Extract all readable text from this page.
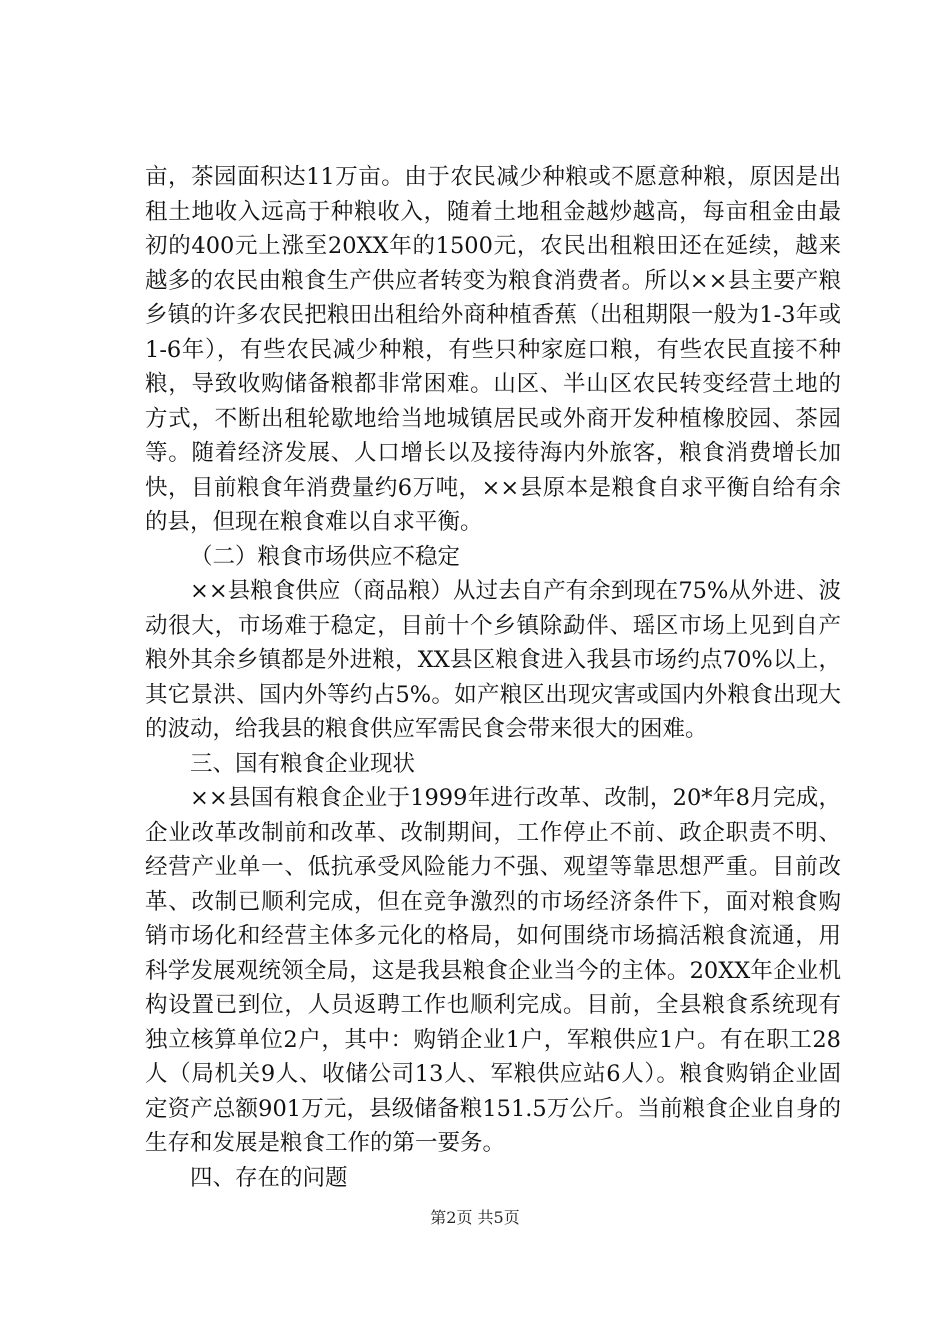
亩，茶园面积达11万亩。由于农民减少种粮或不愿意种粮，原因是出租土地收入远高于种粮收入，随着土地租金越炒越高，每亩租金由最初的400元上涨至20XX年的1500元，农民出租粮田还在延续，越来越多的农民由粮食生产供应者转变为粮食消费者。所以××县主要产粮乡镇的许多农民把粮田出租给外商种植香蕉（出租期限一般为1-3年或1-6年），有些农民减少种粮，有些只种家庭口粮，有些农民直接不种粮，导致收购储备粮都非常困难。山区、半山区农民转变经营土地的方式，不断出租轮歇地给当地城镇居民或外商开发种植橡胶园、茶园等。随着经济发展、人口增长以及接待海内外旅客，粮食消费增长加快，目前粮食年消费量约6万吨，××县原本是粮食自求平衡自给有余的县，但现在粮食难以自求平衡。

（二）粮食市场供应不稳定

××县粮食供应（商品粮）从过去自产有余到现在75%从外进、波动很大，市场难于稳定，目前十个乡镇除勐伴、瑶区市场上见到自产粮外其余乡镇都是外进粮，XX县区粮食进入我县市场约点70%以上，其它景洪、国内外等约占5%。如产粮区出现灾害或国内外粮食出现大的波动，给我县的粮食供应军需民食会带来很大的困难。

三、国有粮食企业现状

××县国有粮食企业于1999年进行改革、改制，20*年8月完成，企业改革改制前和改革、改制期间，工作停止不前、政企职责不明、经营产业单一、低抗承受风险能力不强、观望等靠思想严重。目前改革、改制已顺利完成，但在竞争激烈的市场经济条件下，面对粮食购销市场化和经营主体多元化的格局，如何围绕市场搞活粮食流通，用科学发展观统领全局，这是我县粮食企业当今的主体。20XX年企业机构设置已到位，人员返聘工作也顺利完成。目前，全县粮食系统现有独立核算单位2户，其中：购销企业1户，军粮供应1户。有在职工28人（局机关9人、收储公司13人、军粮供应站6人）。粮食购销企业固定资产总额901万元，县级储备粮151.5万公斤。当前粮食企业自身的生存和发展是粮食工作的第一要务。

四、存在的问题

第2页 共5页
